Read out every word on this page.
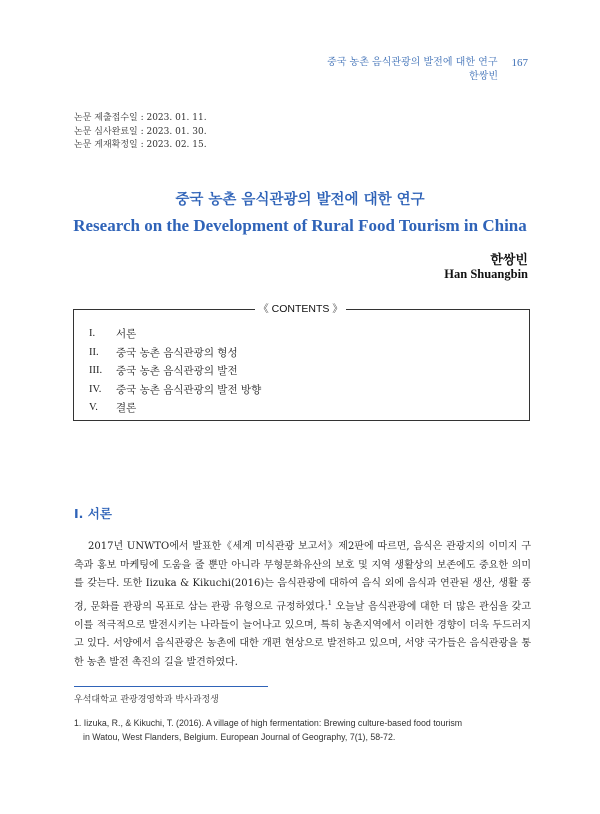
중국 농촌 음식관광의 발전에 대한 연구 167
한쌍빈
논문 제출접수일 : 2023. 01. 11.
논문 심사완료일 : 2023. 01. 30.
논문 게재확정일 : 2023. 02. 15.
중국 농촌 음식관광의 발전에 대한 연구
Research on the Development of Rural Food Tourism in China
한쌍빈
Han Shuangbin
《 CONTENTS 》
I.	서론
II.	중국 농촌 음식관광의 형성
III.	중국 농촌 음식관광의 발전
IV.	중국 농촌 음식관광의 발전 방향
V.	결론
I. 서론
2017년 UNWTO에서 발표한《세계 미식관광 보고서》제2판에 따르면, 음식은 관광지의 이미지 구축과 홍보 마케팅에 도움을 줄 뿐만 아니라 무형문화유산의 보호 및 지역 생활상의 보존에도 중요한 의미를 갖는다. 또한 Iizuka & Kikuchi(2016)는 음식관광에 대하여 음식 외에 음식과 연관된 생산, 생활 풍경, 문화를 관광의 목표로 삼는 관광 유형으로 규정하였다.$^1$ 오늘날 음식관광에 대한 더 많은 관심을 갖고 이를 적극적으로 발전시키는 나라들이 늘어나고 있으며, 특히 농촌지역에서 이러한 경향이 더욱 두드러지고 있다. 서양에서 음식관광은 농촌에 대한 개편 현상으로 발전하고 있으며, 서양 국가들은 음식관광을 통한 농촌 발전 촉진의 길을 발견하였다.
우석대학교 관광경영학과 박사과정생
1. Iizuka, R., & Kikuchi, T. (2016). A village of high fermentation: Brewing culture-based food tourism
in Watou, West Flanders, Belgium. European Journal of Geography, 7(1), 58-72.
